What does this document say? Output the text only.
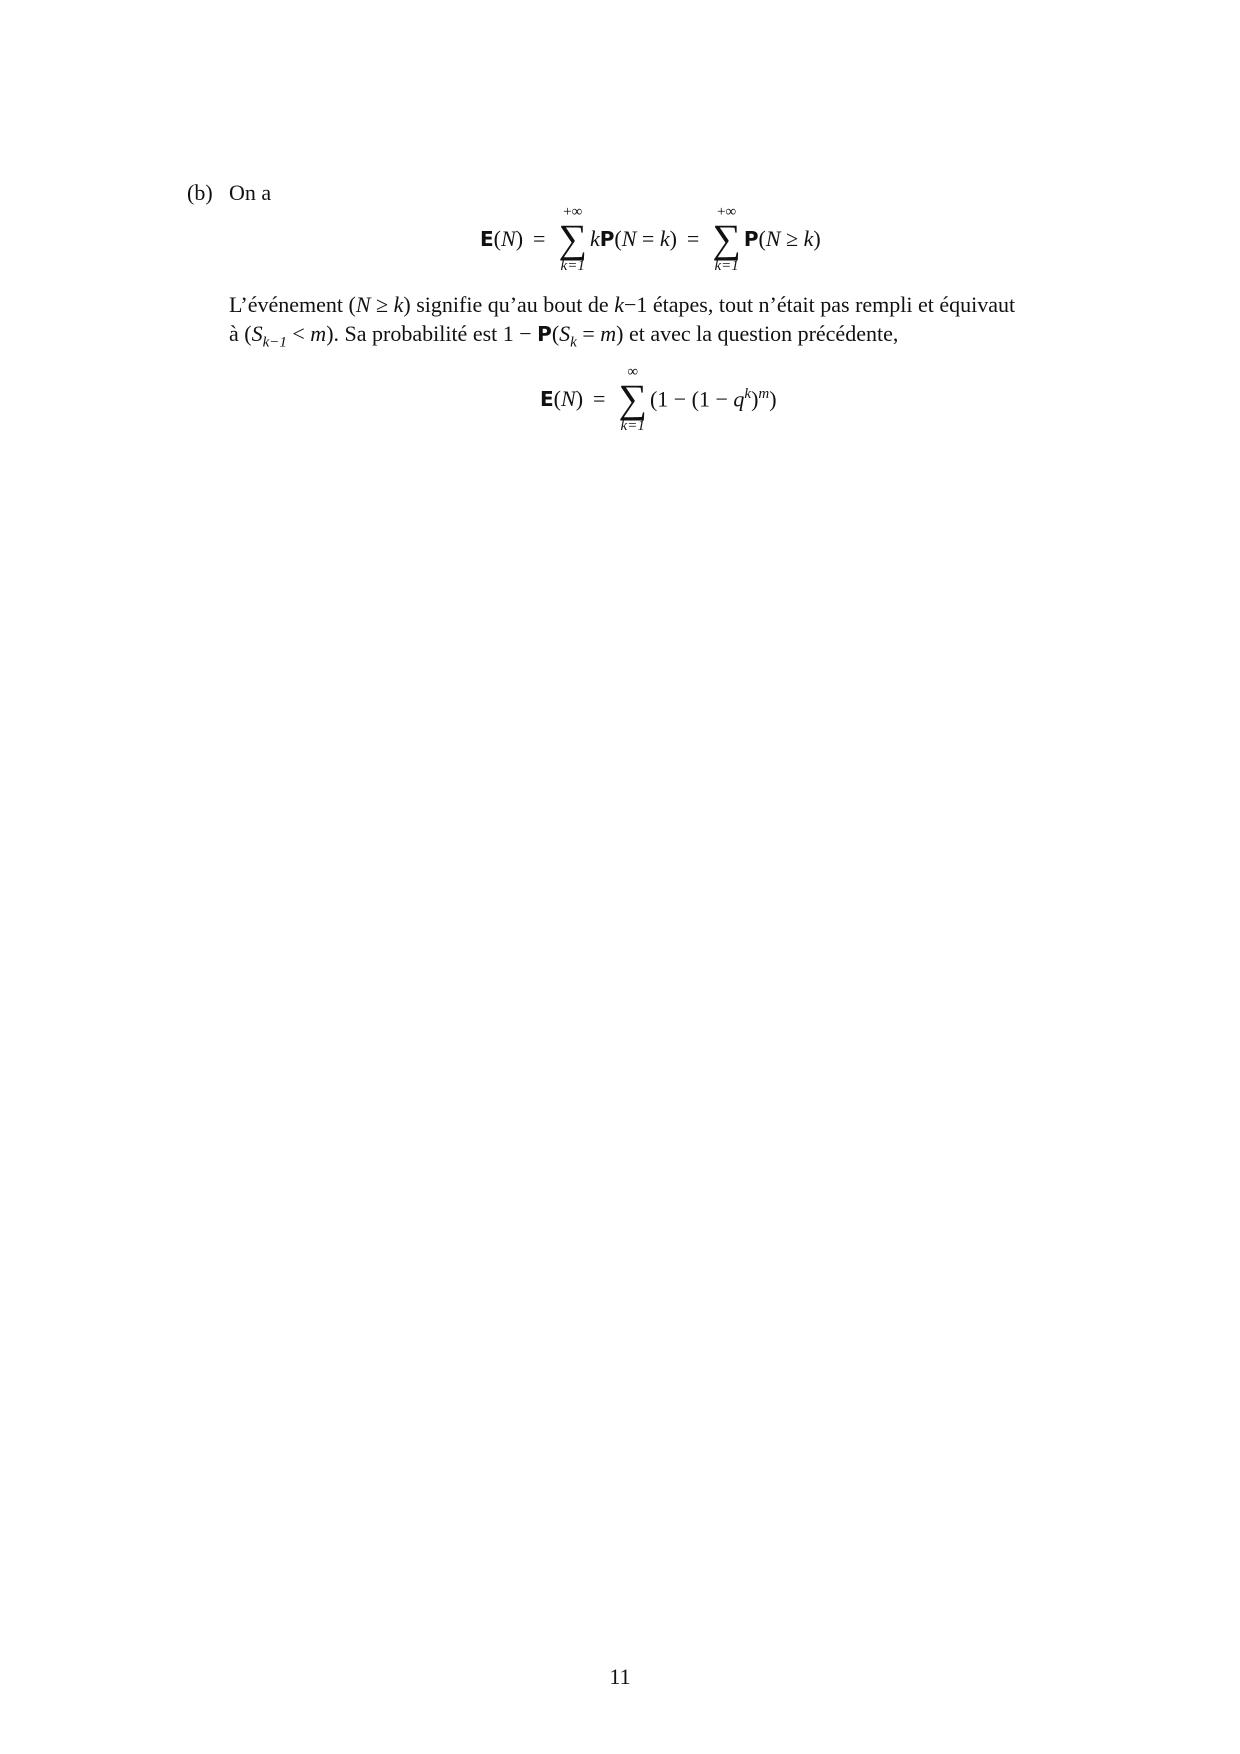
(b) On a
E(N) =
+∞
∑
k=1
kP(N = k) =
+∞
∑
k=1
P(N ≥ k)
L’événement (N ≥ k) signifie qu’au bout de k−1 étapes, tout n’était pas rempli et équivaut
à $(S_{k-1} < m)$. Sa probabilité est $1 - P(S_k = m)$ et avec la question précédente,
E(N) =
∞
∑
k=1
$(1 - (1 - q^k)^m)$
11
